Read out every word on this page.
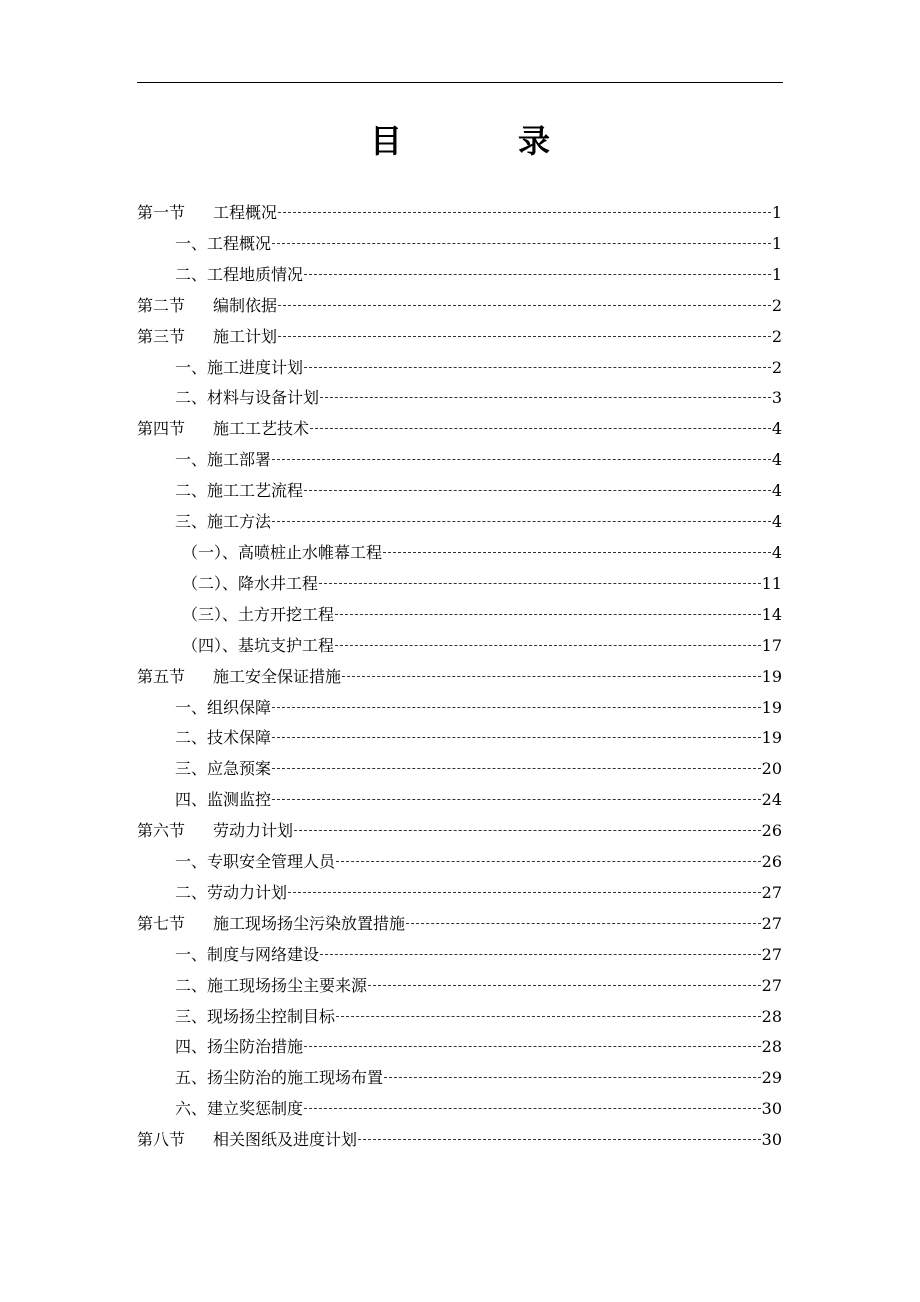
目	录
第一节	工程概况	1
一、 工程概况	1
二、 工程地质情况	1
第二节	编制依据	2
第三节	施工计划	2
一、 施工进度计划	2
二、 材料与设备计划	3
第四节	施工工艺技术	4
一、 施工部署	4
二、 施工工艺流程	4
三、 施工方法	4
（一）、 高喷桩止水帷幕工程	4
（二）、 降水井工程	11
（三）、 土方开挖工程	14
（四）、 基坑支护工程	17
第五节	施工安全保证措施	19
一、 组织保障	19
二、 技术保障	19
三、 应急预案	20
四、 监测监控	24
第六节	劳动力计划	26
一、 专职安全管理人员	26
二、 劳动力计划	27
第七节	施工现场扬尘污染放置措施	27
一、 制度与网络建设	27
二、 施工现场扬尘主要来源	27
三、 现场扬尘控制目标	28
四、 扬尘防治措施	28
五、 扬尘防治的施工现场布置	29
六、 建立奖惩制度	30
第八节	相关图纸及进度计划	30
